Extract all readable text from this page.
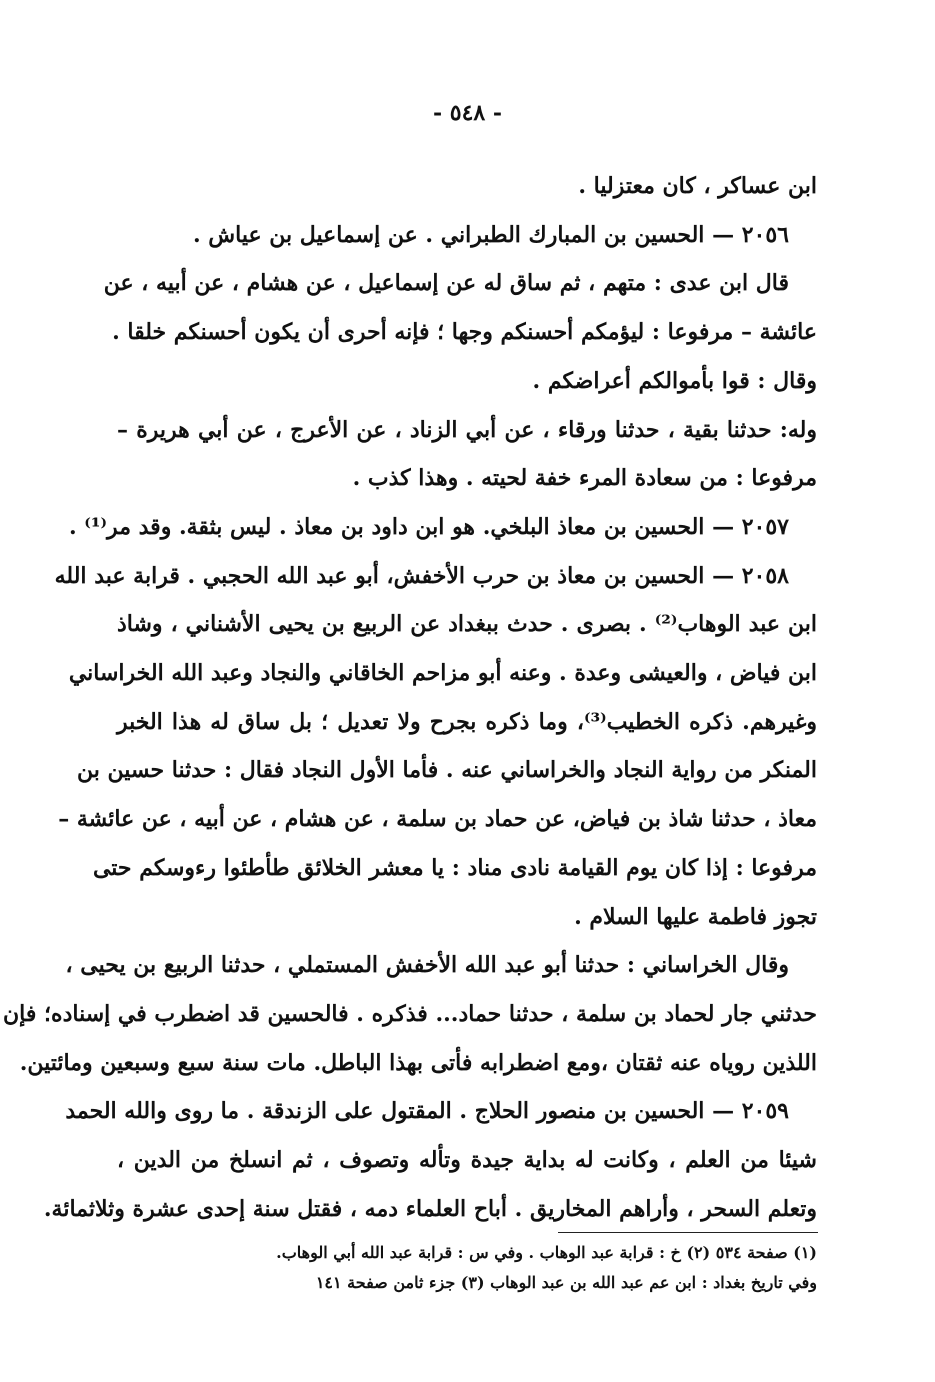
- ٥٤٨ -
ابن عساكر ، كان معتزليا .
٢٠٥٦ — الحسين بن المبارك الطبراني . عن إسماعيل بن عياش .
قال ابن عدى : متهم ، ثم ساق له عن إسماعيل ، عن هشام ، عن أبيه ، عن
عائشة – مرفوعا : ليؤمكم أحسنكم وجها ؛ فإنه أحرى أن يكون أحسنكم خلقا .
وقال : قوا بأموالكم أعراضكم .
وله: حدثنا بقية ، حدثنا ورقاء ، عن أبي الزناد ، عن الأعرج ، عن أبي هريرة –
مرفوعا : من سعادة المرء خفة لحيته . وهذا كذب .
٢٠٥٧ — الحسين بن معاذ البلخي. هو ابن داود بن معاذ . ليس بثقة. وقد مر⁽¹⁾ .
٢٠٥٨ — الحسين بن معاذ بن حرب الأخفش، أبو عبد الله الحجبي . قرابة عبد الله
ابن عبد الوهاب⁽²⁾ . بصرى . حدث ببغداد عن الربيع بن يحيى الأشناني ، وشاذ
ابن فياض ، والعيشى وعدة . وعنه أبو مزاحم الخاقاني والنجاد وعبد الله الخراساني
وغيرهم. ذكره الخطيب⁽³⁾، وما ذكره بجرح ولا تعديل ؛ بل ساق له هذا الخبر
المنكر من رواية النجاد والخراساني عنه . فأما الأول النجاد فقال : حدثنا حسين بن
معاذ ، حدثنا شاذ بن فياض، عن حماد بن سلمة ، عن هشام ، عن أبيه ، عن عائشة –
مرفوعا : إذا كان يوم القيامة نادى مناد : يا معشر الخلائق طأطئوا رءوسكم حتى
تجوز فاطمة عليها السلام .
وقال الخراساني : حدثنا أبو عبد الله الأخفش المستملي ، حدثنا الربيع بن يحيى ،
حدثني جار لحماد بن سلمة ، حدثنا حماد... فذكره . فالحسين قد اضطرب في إسناده؛ فإن
اللذين روياه عنه ثقتان ،ومع اضطرابه فأتى بهذا الباطل. مات سنة سبع وسبعين ومائتين.
٢٠٥٩ — الحسين بن منصور الحلاج . المقتول على الزندقة . ما روى والله الحمد
شيئا من العلم ، وكانت له بداية جيدة وتأله وتصوف ، ثم انسلخ من الدين ،
وتعلم السحر ، وأراهم المخاريق . أباح العلماء دمه ، فقتل سنة إحدى عشرة وثلاثمائة.
(١) صفحة ٥٣٤ (٢) خ : قرابة عبد الوهاب . وفي س : قرابة عبد الله أبي الوهاب.
وفي تاريخ بغداد : ابن عم عبد الله بن عبد الوهاب (٣) جزء ثامن صفحة ١٤١
